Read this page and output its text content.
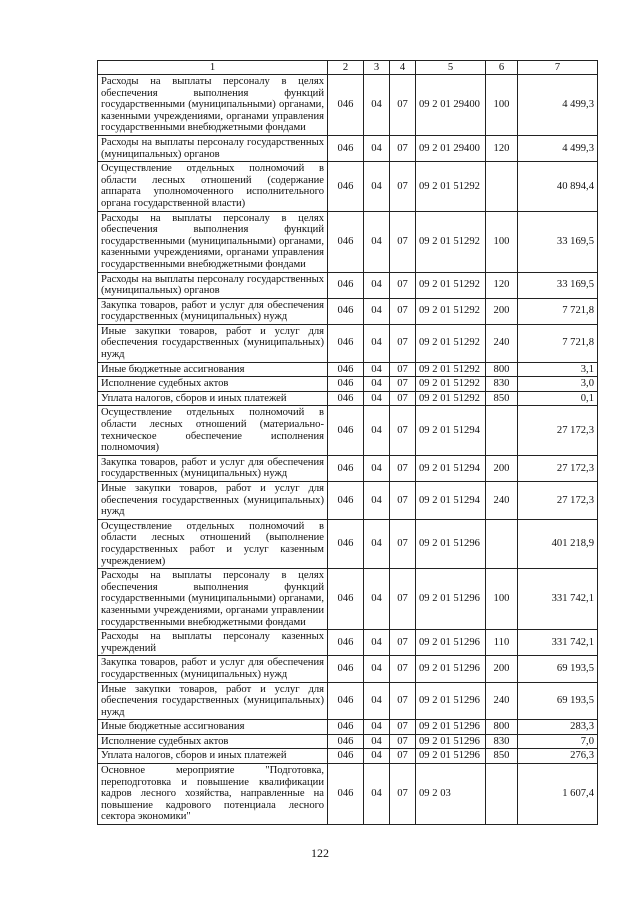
1	2	3	4	5	6	7
Расходы на выплаты персоналу в целях обеспечения выполнения функций государственными (муниципальными) органами, казенными учреждениями, органами управления государственными внебюджетными фондами	046	04	07	09 2 01 29400	100	4 499,3
Расходы на выплаты персоналу государственных (муниципальных) органов	046	04	07	09 2 01 29400	120	4 499,3
Осуществление отдельных полномочий в области лесных отношений (содержание аппарата уполномоченного исполнительного органа государственной власти)	046	04	07	09 2 01 51292		40 894,4
Расходы на выплаты персоналу в целях обеспечения выполнения функций государственными (муниципальными) органами, казенными учреждениями, органами управления государственными внебюджетными фондами	046	04	07	09 2 01 51292	100	33 169,5
Расходы на выплаты персоналу государственных (муниципальных) органов	046	04	07	09 2 01 51292	120	33 169,5
Закупка товаров, работ и услуг для обеспечения государственных (муниципальных) нужд	046	04	07	09 2 01 51292	200	7 721,8
Иные закупки товаров, работ и услуг для обеспечения государственных (муниципальных) нужд	046	04	07	09 2 01 51292	240	7 721,8
Иные бюджетные ассигнования	046	04	07	09 2 01 51292	800	3,1
Исполнение судебных актов	046	04	07	09 2 01 51292	830	3,0
Уплата налогов, сборов и иных платежей	046	04	07	09 2 01 51292	850	0,1
Осуществление отдельных полномочий в области лесных отношений (материально-техническое обеспечение исполнения полномочия)	046	04	07	09 2 01 51294		27 172,3
Закупка товаров, работ и услуг для обеспечения государственных (муниципальных) нужд	046	04	07	09 2 01 51294	200	27 172,3
Иные закупки товаров, работ и услуг для обеспечения государственных (муниципальных) нужд	046	04	07	09 2 01 51294	240	27 172,3
Осуществление отдельных полномочий в области лесных отношений (выполнение государственных работ и услуг казенным учреждением)	046	04	07	09 2 01 51296		401 218,9
Расходы на выплаты персоналу в целях обеспечения выполнения функций государственными (муниципальными) органами, казенными учреждениями, органами управлении государственными внебюджетными фондами	046	04	07	09 2 01 51296	100	331 742,1
Расходы на выплаты персоналу казенных учреждений	046	04	07	09 2 01 51296	110	331 742,1
Закупка товаров, работ и услуг для обеспечения государственных (муниципальных) нужд	046	04	07	09 2 01 51296	200	69 193,5
Иные закупки товаров, работ и услуг для обеспечения государственных (муниципальных) нужд	046	04	07	09 2 01 51296	240	69 193,5
Иные бюджетные ассигнования	046	04	07	09 2 01 51296	800	283,3
Исполнение судебных актов	046	04	07	09 2 01 51296	830	7,0
Уплата налогов, сборов и иных платежей	046	04	07	09 2 01 51296	850	276,3
Основное мероприятие "Подготовка, переподготовка и повышение квалификации кадров лесного хозяйства, направленные на повышение кадрового потенциала лесного сектора экономики"	046	04	07	09 2 03		1 607,4
122
